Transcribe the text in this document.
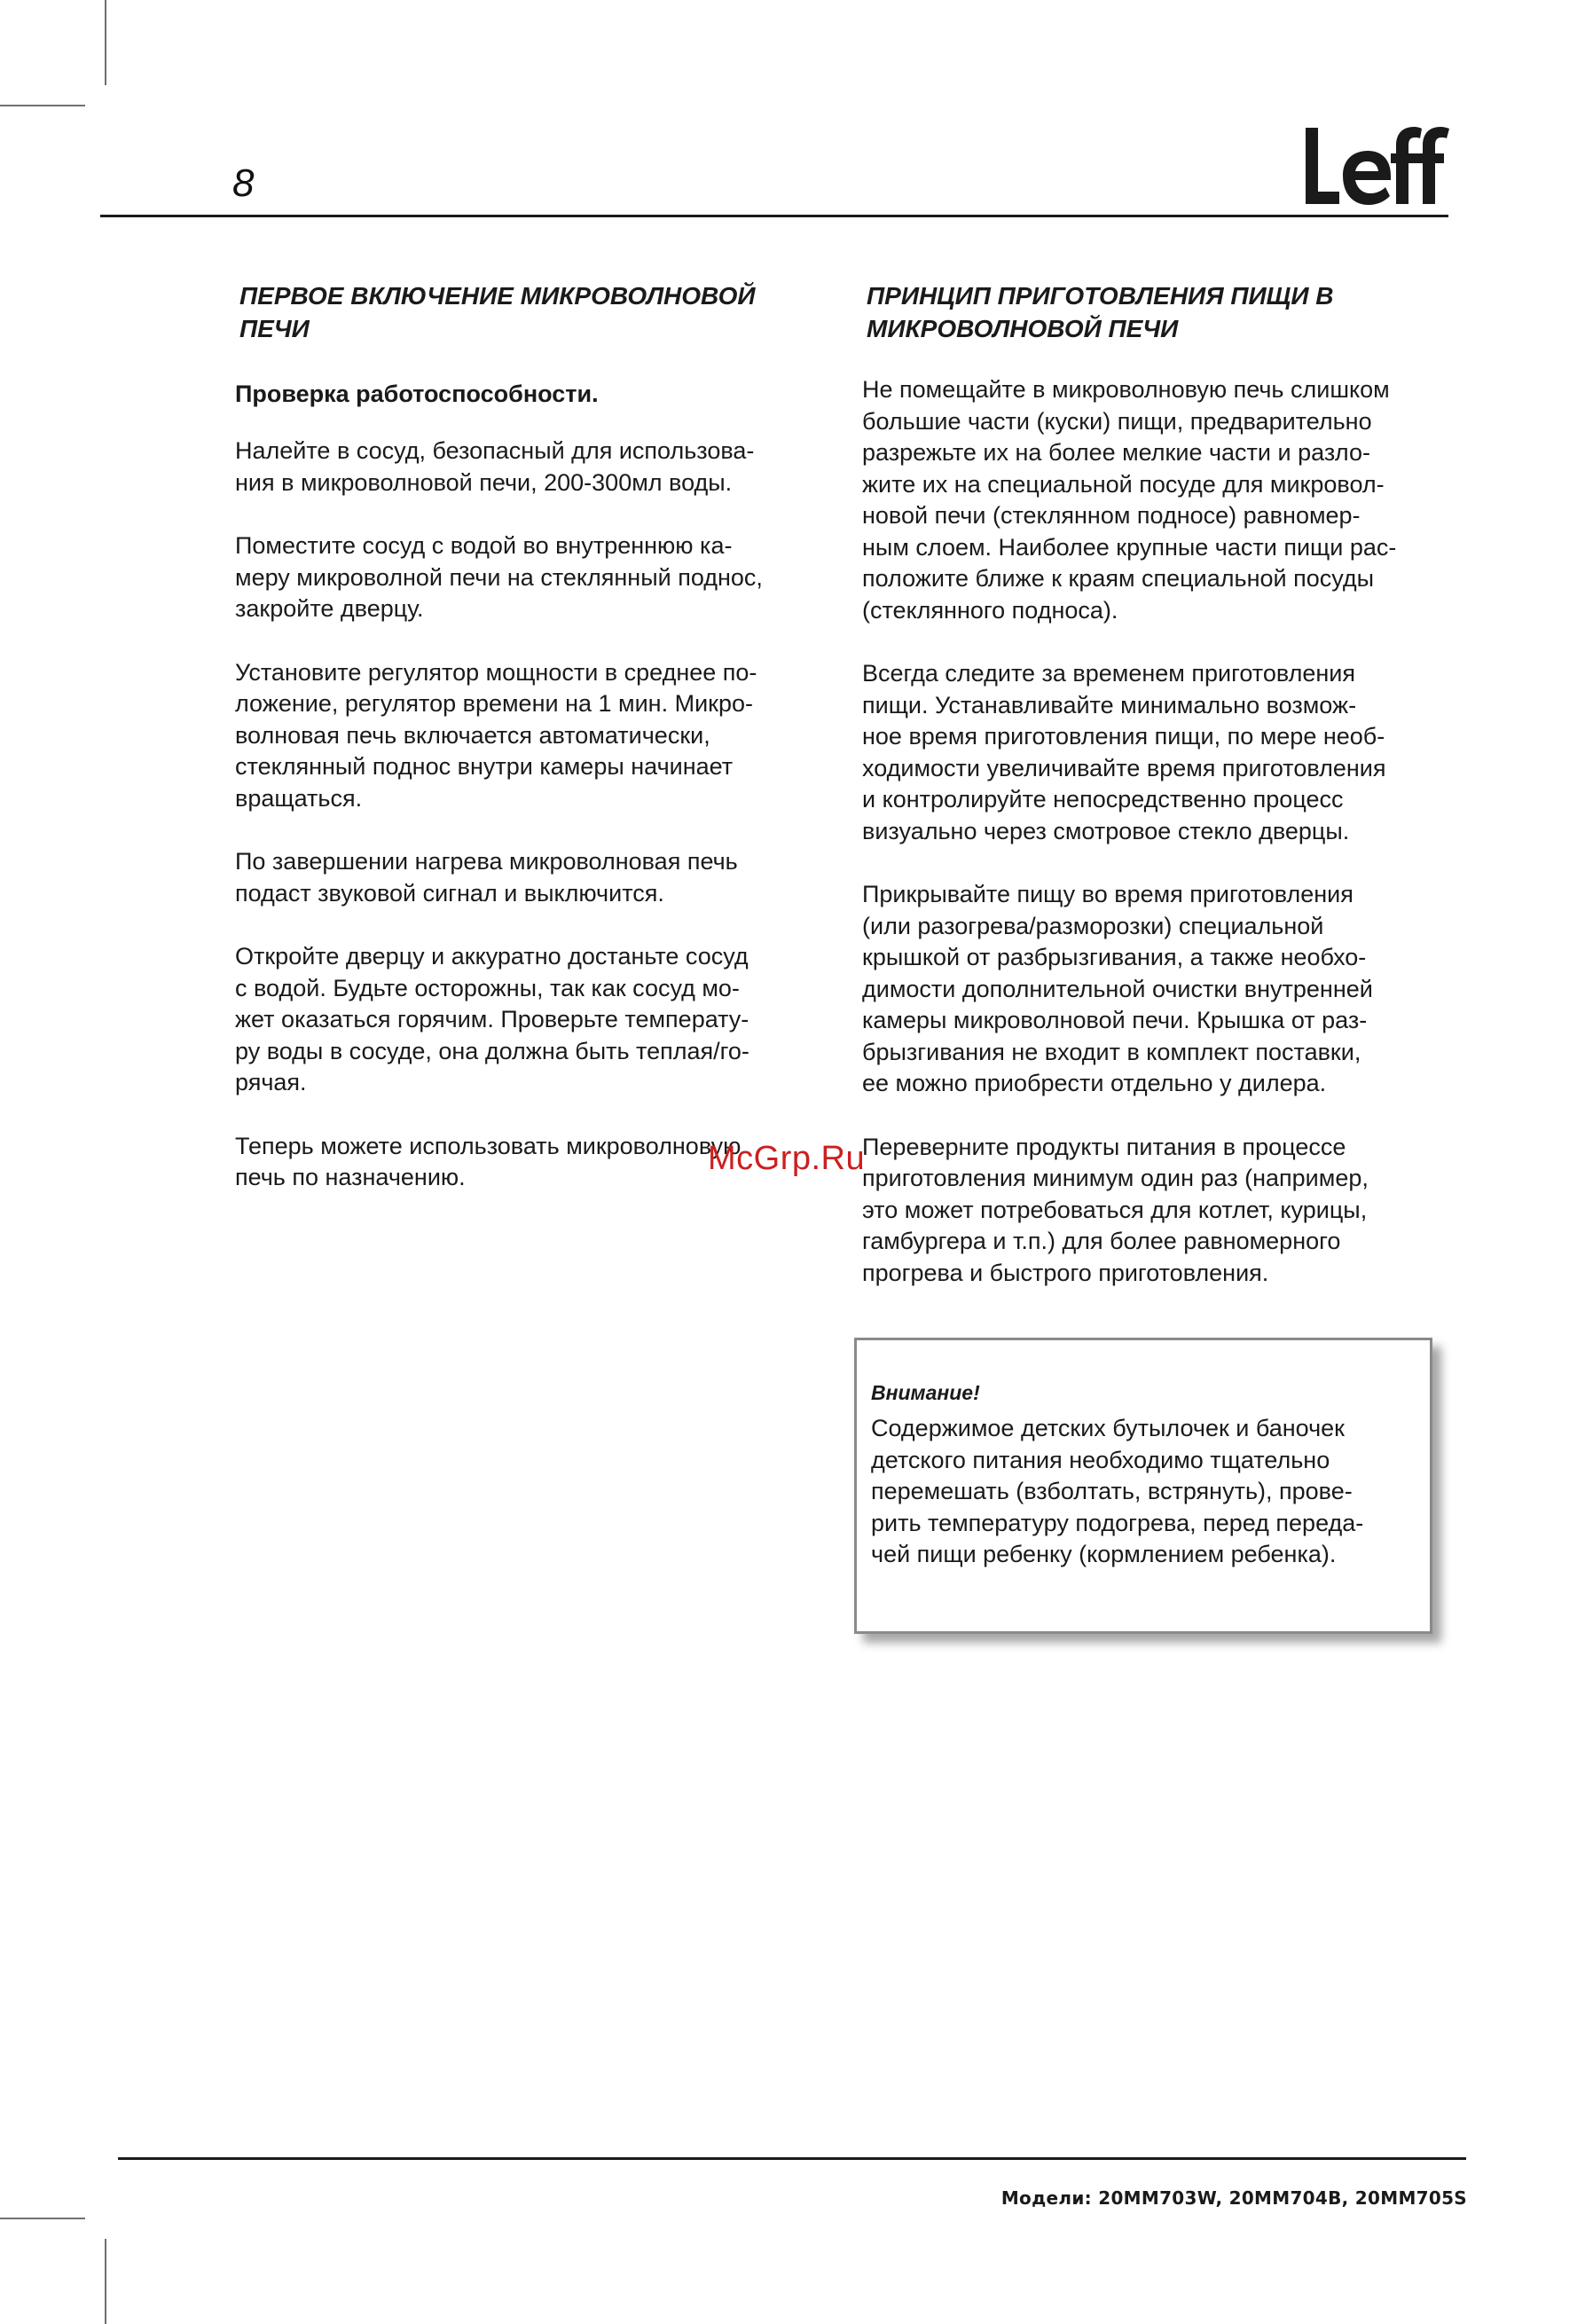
8
Leff
ПЕРВОЕ ВКЛЮЧЕНИЕ МИКРОВОЛНОВОЙ
ПЕЧИ
Проверка работоспособности.

Налейте в сосуд, безопасный для использова-
ния в микроволновой печи, 200-300мл воды.

Поместите сосуд с водой во внутреннюю ка-
меру микроволной печи на стеклянный поднос,
закройте дверцу.

Установите регулятор мощности в среднее по-
ложение, регулятор времени на 1 мин. Микро-
волновая печь включается автоматически,
стеклянный поднос внутри камеры начинает
вращаться.

По завершении нагрева микроволновая печь
подаст звуковой сигнал и выключится.

Откройте дверцу и аккуратно достаньте сосуд
с водой. Будьте осторожны, так как сосуд мо-
жет оказаться горячим. Проверьте температу-
ру воды в сосуде, она должна быть теплая/го-
рячая.

Теперь можете использовать микроволновую
печь по назначению.

ПРИНЦИП ПРИГОТОВЛЕНИЯ ПИЩИ В
МИКРОВОЛНОВОЙ ПЕЧИ

Не помещайте в микроволновую печь слишком
большие части (куски) пищи, предварительно
разрежьте их на более мелкие части и разло-
жите их на специальной посуде для микровол-
новой печи (стеклянном подносе) равномер-
ным слоем. Наиболее крупные части пищи рас-
положите ближе к краям специальной посуды
(стеклянного подноса).

Всегда следите за временем приготовления
пищи. Устанавливайте минимально возмож-
ное время приготовления пищи, по мере необ-
ходимости увеличивайте время приготовления
и контролируйте непосредственно процесс
визуально через смотровое стекло дверцы.

Прикрывайте пищу во время приготовления
(или разогрева/разморозки) специальной
крышкой от разбрызгивания, а также необхо-
димости дополнительной очистки внутренней
камеры микроволновой печи. Крышка от раз-
брызгивания не входит в комплект поставки,
ее можно приобрести отдельно у дилера.

Переверните продукты питания в процессе
приготовления минимум один раз (например,
это может потребоваться для котлет, курицы,
гамбургера и т.п.) для более равномерного
прогрева и быстрого приготовления.

Внимание!
Содержимое детских бутылочек и баночек
детского питания необходимо тщательно
перемешать (взболтать, встрянуть), прове-
рить температуру подогрева, перед переда-
чей пищи ребенку (кормлением ребенка).
McGrp.Ru
Модели: 20MM703W, 20MM704B, 20MM705S
